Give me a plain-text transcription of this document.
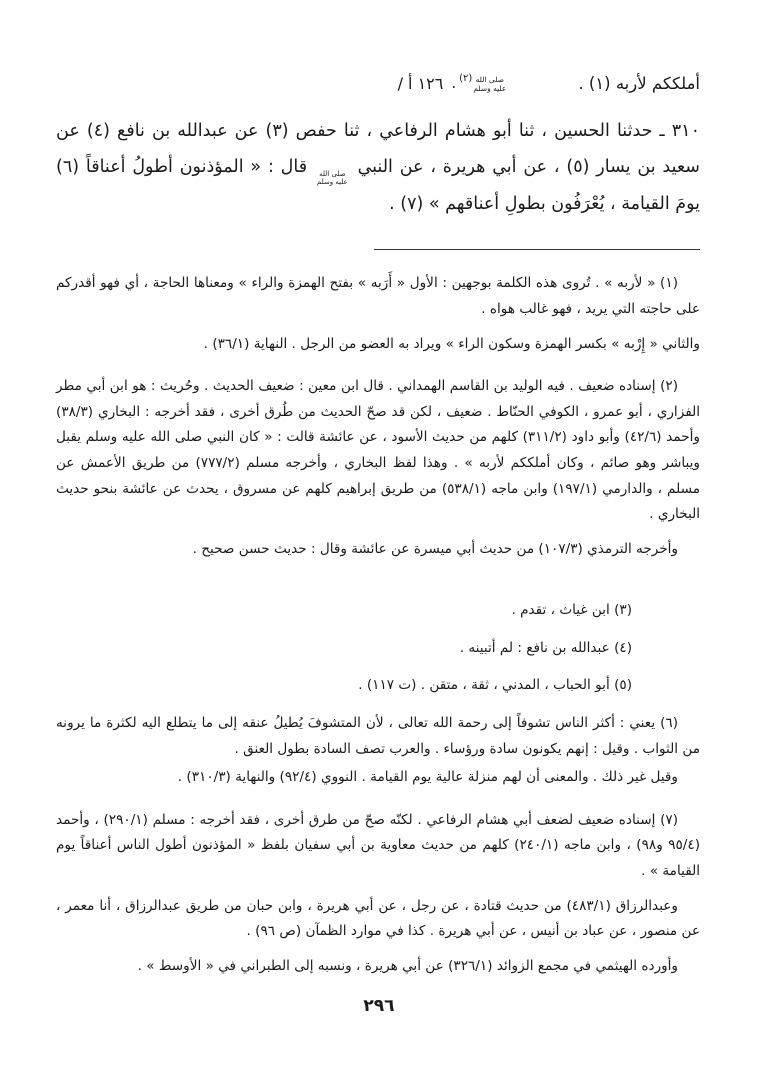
أملككم لأربه (١) .
صلى الله
عليه وسلم
(٢)
.
/ ١٢٦ أ

٣١٠ ـ حدثنا الحسين ، ثنا أبو هشام الرفاعي ، ثنا حفص (٣) عن عبدالله بن نافع (٤) عن سعيد بن يسار (٥) ، عن أبي هريرة ، عن النبي
صلى الله
عليه وسلم
قال : « المؤذنون أطولُ أعناقاً (٦) يومَ القيامة ، يُعْرَفُون بطولِ أعناقهم » (٧) .

(١) « لأربه » . تُروى هذه الكلمة بوجهين : الأول « أَرَبه » بفتح الهمزة والراء » ومعناها الحاجة ، أي فهو أقدركم على حاجته التي يريد ، فهو غالب هواه .

والثاني « إِرْبه » بكسر الهمزة وسكون الراء » ويراد به العضو من الرجل . النهاية (٣٦/١) .

(٢) إسناده ضعيف . فيه الوليد بن القاسم الهمداني . قال ابن معين : ضعيف الحديث . وحُريث : هو ابن أبي مطر الفزاري ، أبو عمرو ، الكوفي الحنّاط . ضعيف ، لكن قد صحّ الحديث من طُرق أخرى ، فقد أخرجه : البخاري (٣٨/٣) وأحمد (٤٢/٦) وأبو داود (٣١١/٢) كلهم من حديث الأسود ، عن عائشة قالت : « كان النبي صلى الله عليه وسلم يقبل ويباشر وهو صائم ، وكان أملككم لأربه » . وهذا لفظ البخاري ، وأخرجه مسلم (٧٧٧/٢) من طريق الأعمش عن مسلم ، والدارمي (١٩٧/١) وابن ماجه (٥٣٨/١) من طريق إبراهيم كلهم عن مسروق ، يحدث عن عائشة بنحو حديث البخاري .

وأخرجه الترمذي (١٠٧/٣) من حديث أبي ميسرة عن عائشة وقال : حديث حسن صحيح .

(٣) ابن غياث ، تقدم .

(٤) عبدالله بن نافع : لم أتبينه .

(٥) أبو الحباب ، المدني ، ثقة ، متقن . (ت ١١٧) .

(٦) يعني : أكثر الناس تشوفاً إلى رحمة الله تعالى ، لأن المتشوفَ يُطيلُ عنقه إلى ما يتطلع اليه لكثرة ما يرونه من الثواب . وقيل : إنهم يكونون سادة ورؤساء . والعرب تصف السادة بطول العنق .

وقيل غير ذلك . والمعنى أن لهم منزلة عالية يوم القيامة . النووي (٩٢/٤) والنهاية (٣١٠/٣) .

(٧) إسناده ضعيف لضعف أبي هشام الرفاعي . لكنّه صحّ من طرق أخرى ، فقد أخرجه : مسلم (٢٩٠/١) ، وأحمد (٩٥/٤ و٩٨) ، وابن ماجه (٢٤٠/١) كلهم من حديث معاوية بن أبي سفيان بلفظ « المؤذنون أطول الناس أعناقاً يوم القيامة » .

وعبدالرزاق (٤٨٣/١) من حديث قتادة ، عن رجل ، عن أبي هريرة ، وابن حبان من طريق عبدالرزاق ، أنا معمر ، عن منصور ، عن عباد بن أنيس ، عن أبي هريرة . كذا في موارد الظمآن (ص ٩٦) .

وأورده الهيثمي في مجمع الزوائد (٣٢٦/١) عن أبي هريرة ، ونسبه إلى الطبراني في « الأوسط » .

٢٩٦
